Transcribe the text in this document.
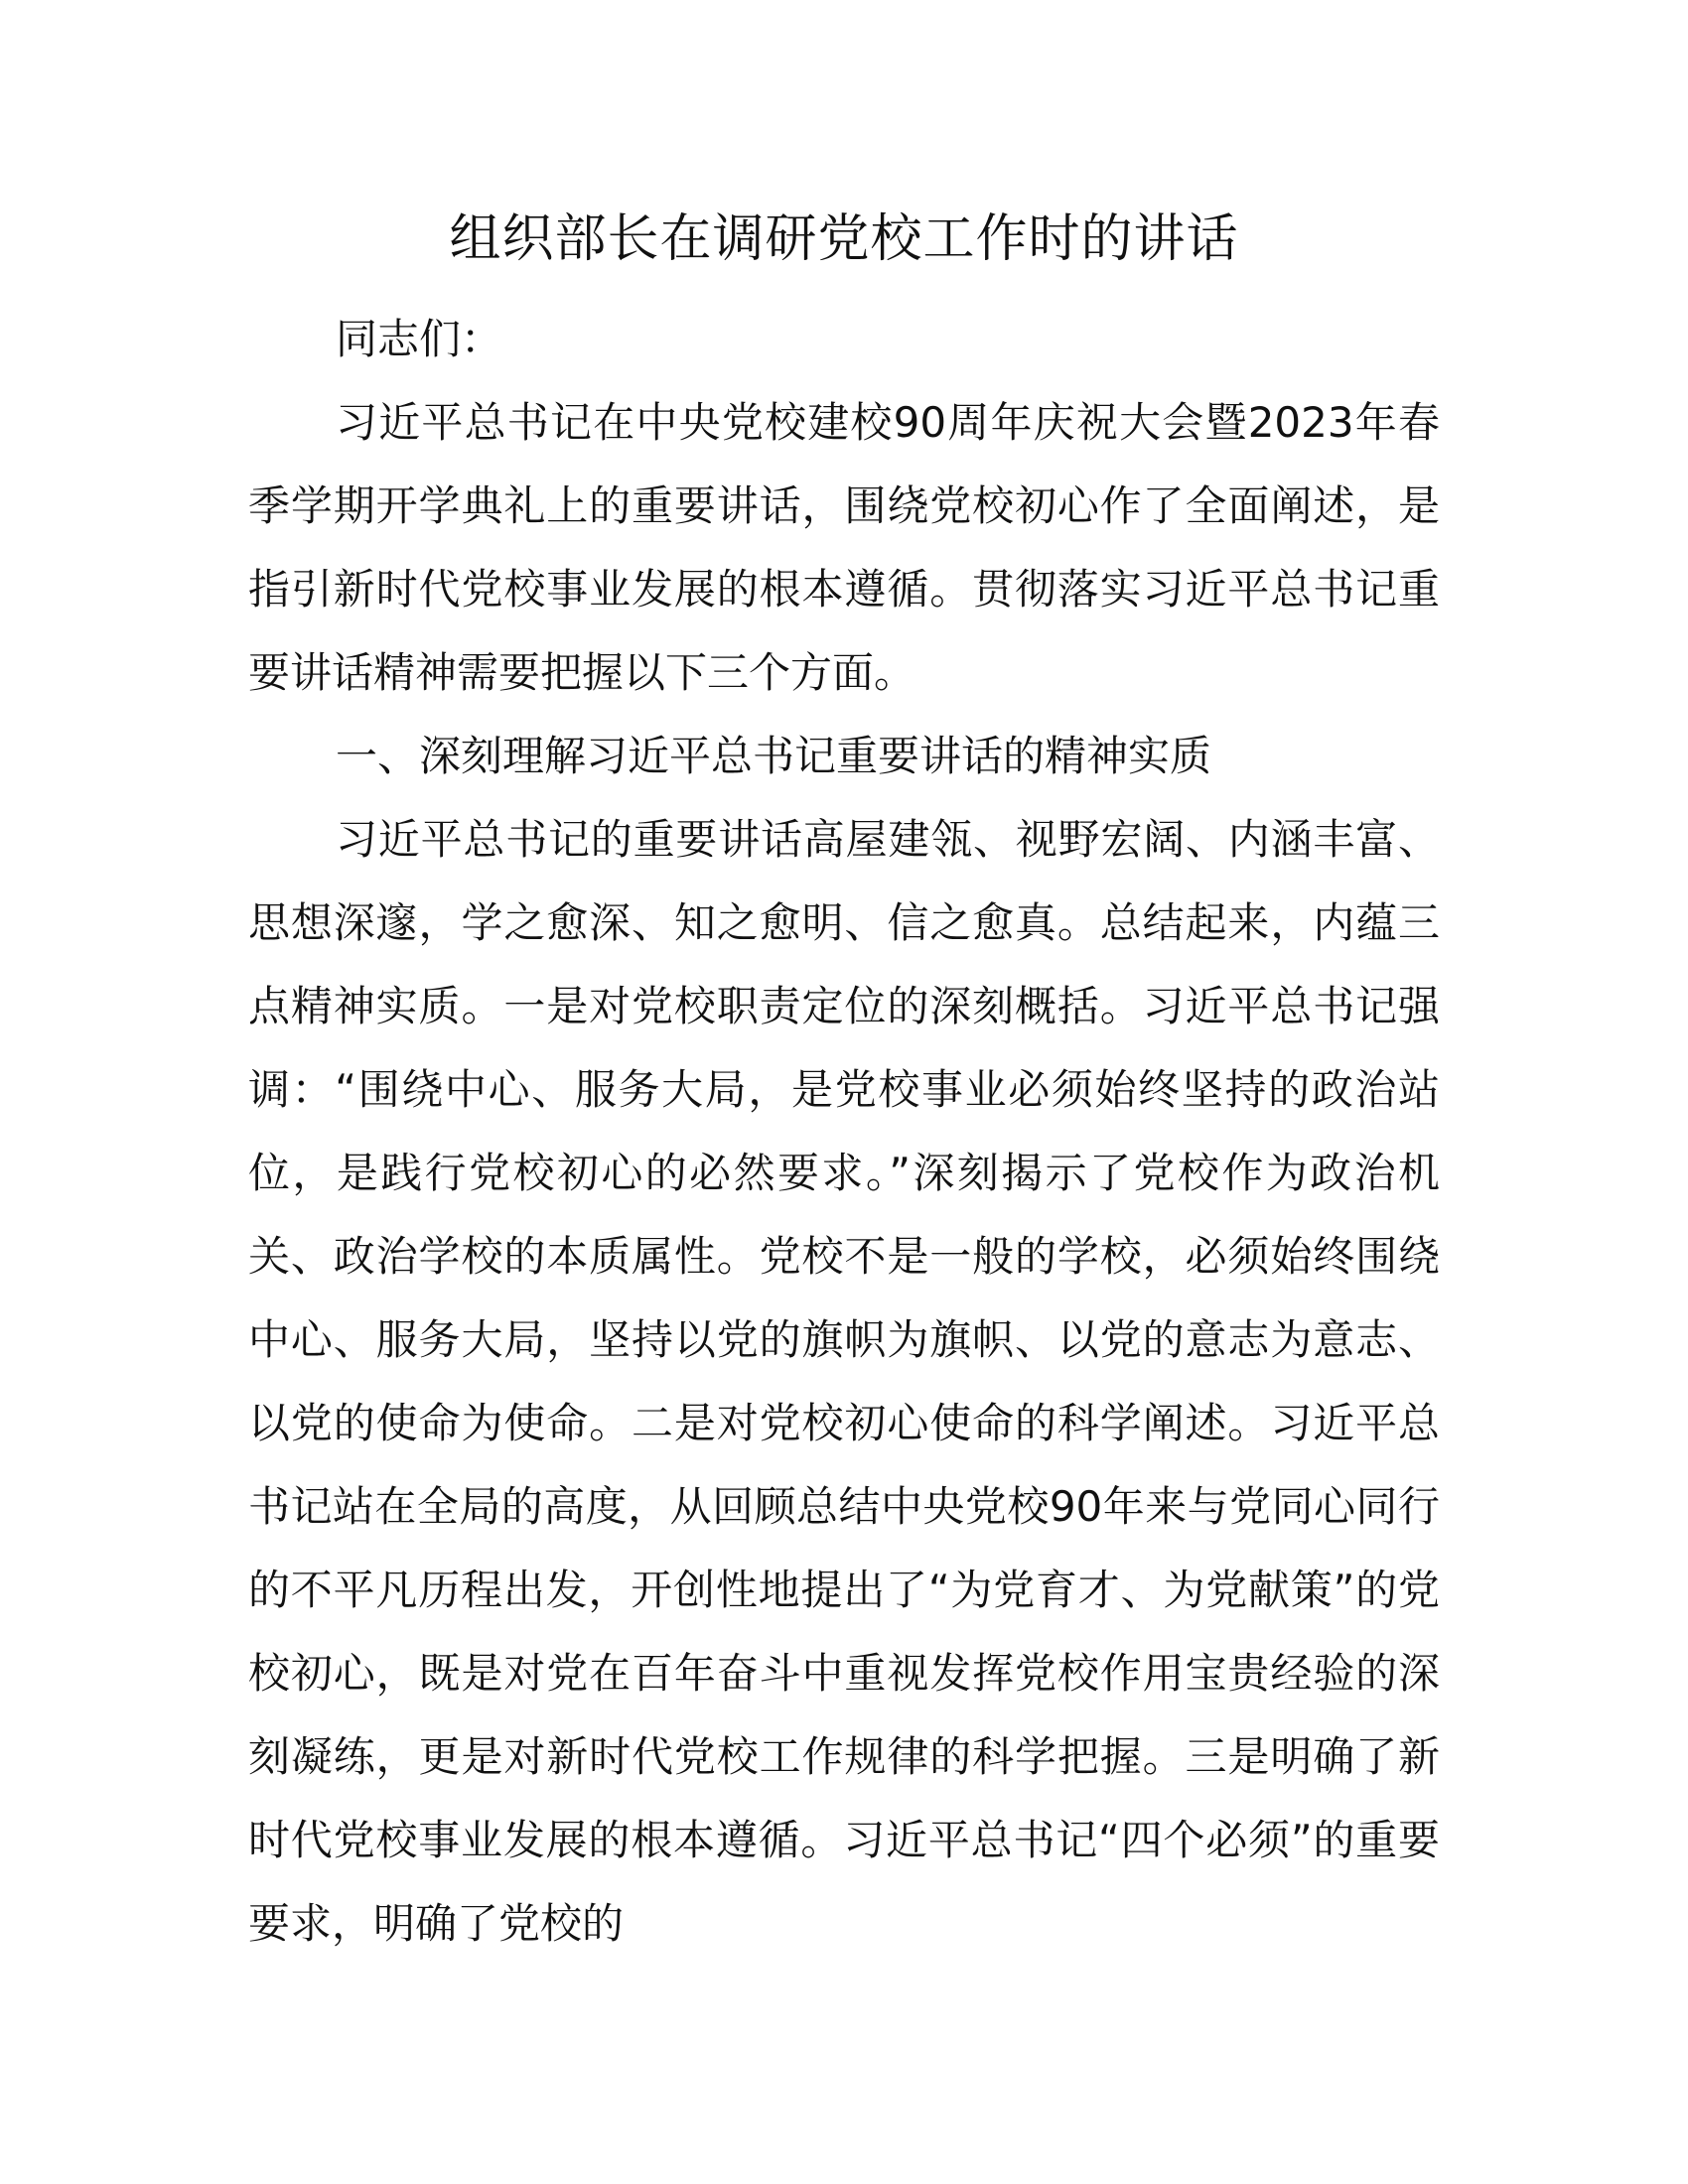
组织部长在调研党校工作时的讲话

同志们：

习近平总书记在中央党校建校90周年庆祝大会暨2023年春季学期开学典礼上的重要讲话，围绕党校初心作了全面阐述，是指引新时代党校事业发展的根本遵循。贯彻落实习近平总书记重要讲话精神需要把握以下三个方面。

一、深刻理解习近平总书记重要讲话的精神实质

习近平总书记的重要讲话高屋建瓴、视野宏阔、内涵丰富、思想深邃，学之愈深、知之愈明、信之愈真。总结起来，内蕴三点精神实质。一是对党校职责定位的深刻概括。习近平总书记强调：“围绕中心、服务大局，是党校事业必须始终坚持的政治站位，是践行党校初心的必然要求。”深刻揭示了党校作为政治机关、政治学校的本质属性。党校不是一般的学校，必须始终围绕中心、服务大局，坚持以党的旗帜为旗帜、以党的意志为意志、以党的使命为使命。二是对党校初心使命的科学阐述。习近平总书记站在全局的高度，从回顾总结中央党校90年来与党同心同行的不平凡历程出发，开创性地提出了“为党育才、为党献策”的党校初心，既是对党在百年奋斗中重视发挥党校作用宝贵经验的深刻凝练，更是对新时代党校工作规律的科学把握。三是明确了新时代党校事业发展的根本遵循。习近平总书记“四个必须”的重要要求，明确了党校的
